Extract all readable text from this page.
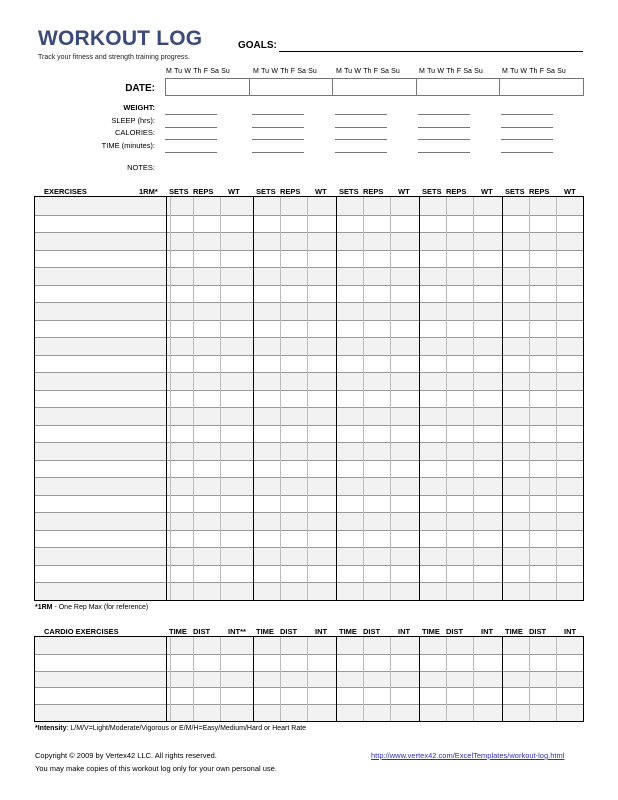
WORKOUT LOG
Track your fitness and strength training progress.
GOALS:
M Tu W Th F Sa Su	M Tu W Th F Sa Su	M Tu W Th F Sa Su	M Tu W Th F Sa Su	M Tu W Th F Sa Su
DATE:
WEIGHT:
SLEEP (hrs):
CALORIES:
TIME (minutes):
NOTES:
EXERCISES	1RM* SETS REPS WT SETS REPS WT SETS REPS WT SETS REPS WT SETS REPS WT
*1RM - One Rep Max (for reference)
CARDIO EXERCISES	TIME DIST INT** TIME DIST INT TIME DIST INT TIME DIST INT TIME DIST INT
*Intensity: L/M/V=Light/Moderate/Vigorous or E/M/H=Easy/Medium/Hard or Heart Rate
Copyright © 2009 by Vertex42 LLC. All rights reserved.	http://www.vertex42.com/ExcelTemplates/workout-log.html
You may make copies of this workout log only for your own personal use.
